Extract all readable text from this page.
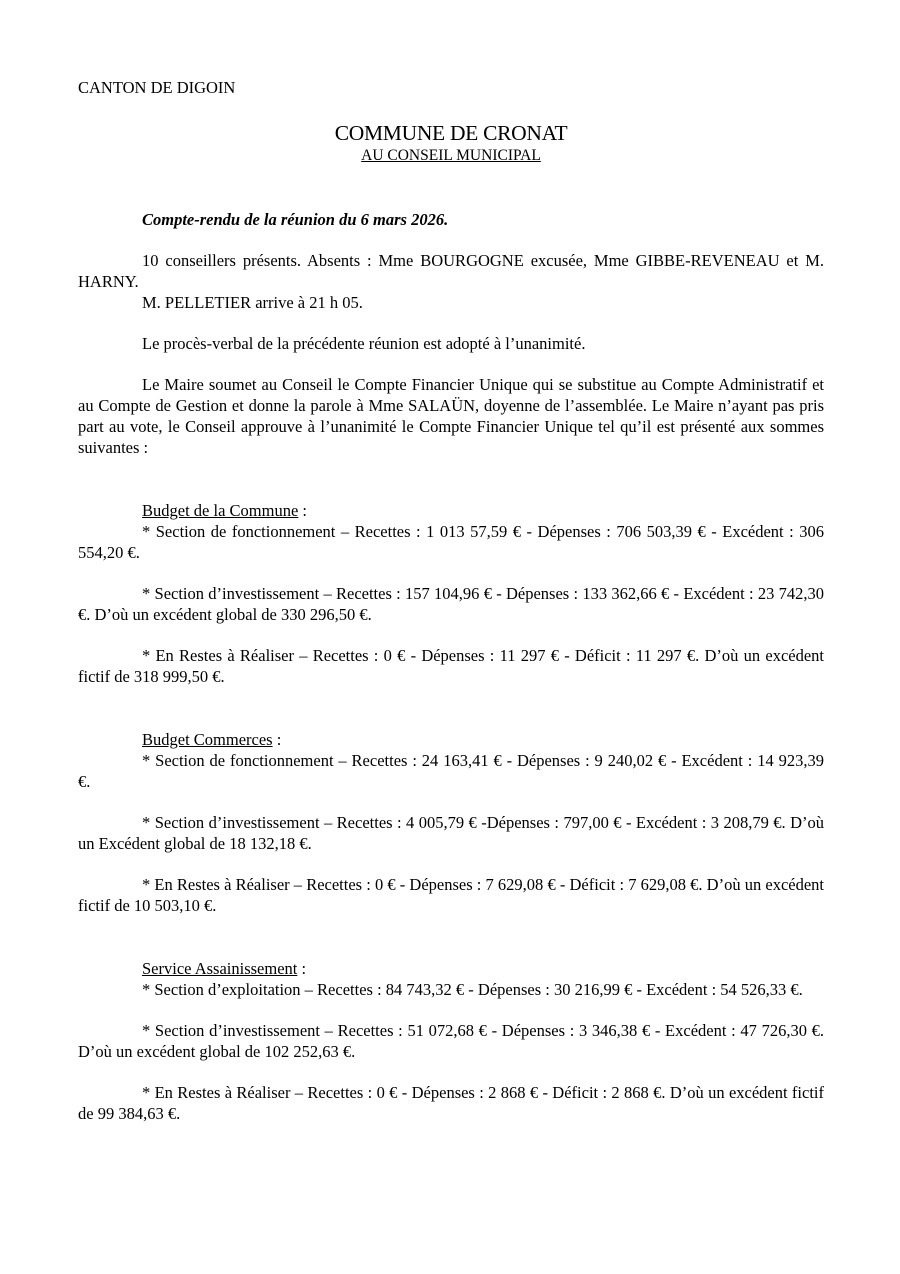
CANTON DE DIGOIN
COMMUNE DE CRONAT
AU CONSEIL MUNICIPAL

Compte-rendu de la réunion du 6 mars 2026.

10 conseillers présents. Absents : Mme BOURGOGNE excusée, Mme GIBBE-REVENEAU et M. HARNY.

M. PELLETIER arrive à 21 h 05.

Le procès-verbal de la précédente réunion est adopté à l’unanimité.

Le Maire soumet au Conseil le Compte Financier Unique qui se substitue au Compte Administratif et au Compte de Gestion et donne la parole à Mme SALAÜN, doyenne de l’assemblée. Le Maire n’ayant pas pris part au vote, le Conseil approuve à l’unanimité le Compte Financier Unique tel qu’il est présenté aux sommes suivantes :

Budget de la Commune :

* Section de fonctionnement – Recettes : 1 013 57,59 € - Dépenses : 706 503,39 € - Excédent : 306 554,20 €.

* Section d’investissement – Recettes : 157 104,96 € - Dépenses : 133 362,66 € - Excédent : 23 742,30 €. D’où un excédent global de 330 296,50 €.

* En Restes à Réaliser – Recettes : 0 € - Dépenses : 11 297 € - Déficit : 11 297 €. D’où un excédent fictif de 318 999,50 €.

Budget Commerces :

* Section de fonctionnement – Recettes : 24 163,41 € - Dépenses : 9 240,02 € - Excédent : 14 923,39 €.

* Section d’investissement – Recettes : 4 005,79 € -Dépenses : 797,00 € - Excédent : 3 208,79 €. D’où un Excédent global de 18 132,18 €.

* En Restes à Réaliser – Recettes : 0 € - Dépenses : 7 629,08 € - Déficit : 7 629,08 €. D’où un excédent fictif de 10 503,10 €.

Service Assainissement :

* Section d’exploitation – Recettes : 84 743,32 € - Dépenses : 30 216,99 € - Excédent : 54 526,33 €.

* Section d’investissement – Recettes : 51 072,68 € - Dépenses : 3 346,38 € - Excédent : 47 726,30 €. D’où un excédent global de 102 252,63 €.

* En Restes à Réaliser – Recettes : 0 € - Dépenses : 2 868 € - Déficit : 2 868 €. D’où un excédent fictif de 99 384,63 €.
